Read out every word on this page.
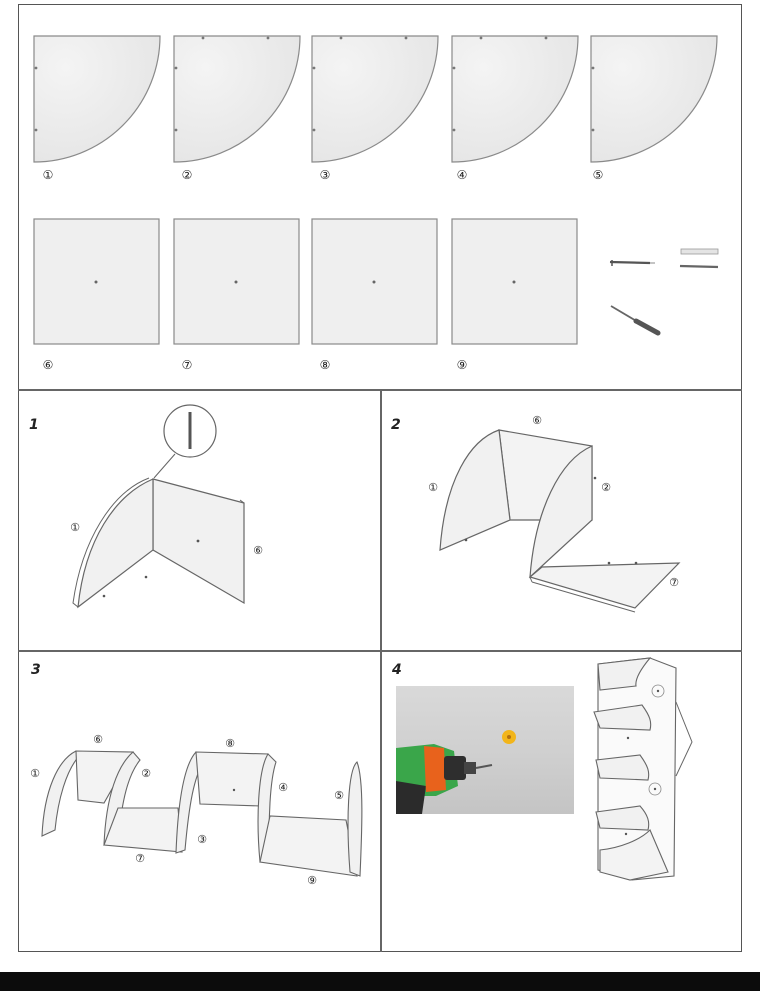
①	②	③	④	⑤
⑥	⑦	⑧	⑨
1
①
⑥
2	⑥
①	②
⑦
3
⑥	⑧
①	②
④
⑤
③
⑦
⑨
4
